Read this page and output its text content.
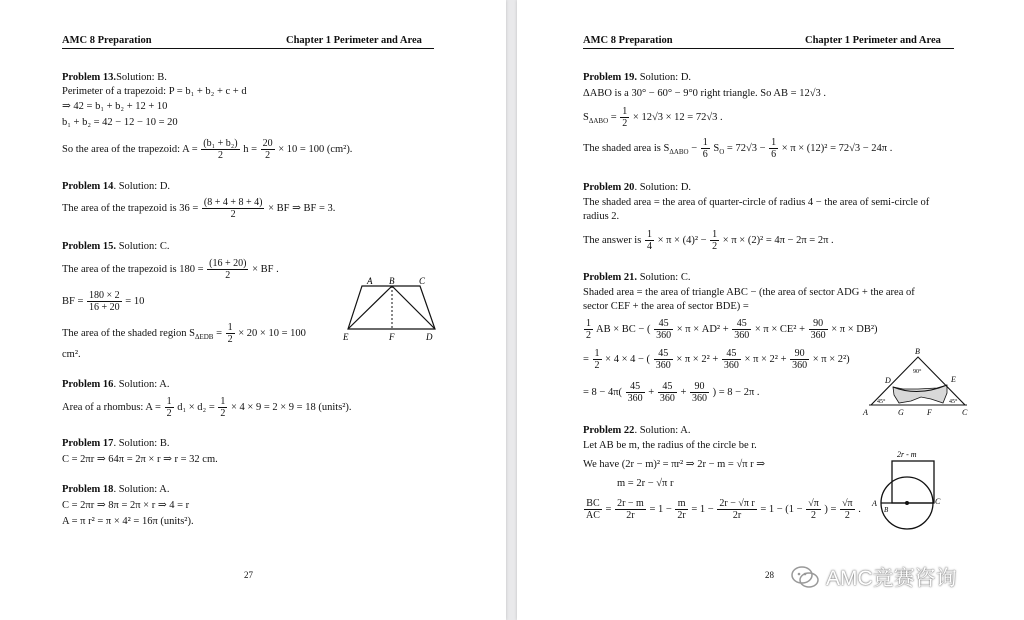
AMC 8 Preparation	Chapter 1 Perimeter and Area
Problem 13.Solution: B.
Perimeter of a trapezoid: P = b₁ + b₂ + c + d
⇒ 42 = b₁ + b₂ + 12 + 10
b₁ + b₂ = 42 − 12 − 10 = 20
So the area of the trapezoid: $A = \frac{\text{(b₁ + b₂)}}{2}$ $h = \frac{20}{2} \times 10 = 100$ (cm²).
Problem 14. Solution: D.
The area of the trapezoid is $36 = \frac{(8 + 4 + 8 + 4)}{2}$ × BF ⇒ BF = 3.
Problem 15. Solution: C.
The area of the trapezoid is $180 = \frac{(16 + 20)}{2}$ × BF .
BF = $\frac{180 \times 2}{16 + 20} = 10$
The area of the shaded region $S_{\Delta EDB} = \frac{1}{2} \times 20 \times 10 = 100$
cm².
A B	C
E	F	D
Problem 16. Solution: A.
Area of a rhombus: $A = \frac{1}{2} d_1 \times d_2 = \frac{1}{2} \times 4 \times 9 = 2 \times 9 = 18$ (units²).
Problem 17. Solution: B.
C = 2πr ⇒ 64π = 2π × r ⇒ r = 32 cm.
Problem 18. Solution: A.
C = 2πr ⇒ 8π = 2π × r ⇒ 4 = r
A = π r² = π × 4² = 16π (units²).
27
AMC 8 Preparation	Chapter 1 Perimeter and Area
Problem 19. Solution: D.
ΔABO is a 30° − 60° − 9°0 right triangle. So AB = 12√3 .
$S_{\Delta ABO} = \frac{1}{2} \times 12√3 \times 12 = 72√3$ .
The shaded area is $S_{\Delta ABO} - \frac{1}{6} S_O = 72√3 - \frac{1}{6} \times \pi \times (12)^2 = 72√3 - 24\pi$ .
Problem 20. Solution: D.
The shaded area = the area of quarter-circle of radius 4 − the area of semi-circle of
radius 2.
The answer is $\frac{1}{4} \times \pi \times (4)^2 - \frac{1}{2} \times \pi \times (2)^2 = 4\pi - 2\pi = 2\pi$ .
Problem 21. Solution: C.
Shaded area = the area of triangle ABC − (the area of sector ADG + the area of
sector CEF + the area of sector BDE) =
$\frac{1}{2}$ AB × BC − ( $\frac{45}{360} \times \pi \times AD^2 + \frac{45}{360} \times \pi \times CE^2 + \frac{90}{360} \times \pi \times DB^2$)
= $\frac{1}{2} \times 4 \times 4$ − ( $\frac{45}{360} \times \pi \times 2^2 + \frac{45}{360} \times \pi \times 2^2 + \frac{90}{360} \times \pi \times 2^2$)
= $8 - 4\pi( \frac{45}{360} + \frac{45}{360} + \frac{90}{360}$ ) = 8 − 2π .
B
90°
D	E
45°	45°
A	G	F	C
Problem 22. Solution: A.
Let AB be m, the radius of the circle be r.
We have (2r − m)² = πr² ⇒ 2r − m = √π r ⇒
m = 2r − √π r
$\frac{BC}{AC} = \frac{2r - m}{2r} = 1 - \frac{m}{2r} = 1 - \frac{\text{2r − √π r}}{2r} = 1 - (1 - \frac{√\pi}{2}$ ) = $\frac{√\pi}{2}$ .
2r - m
A
B
C
28 AMC竞赛咨询
